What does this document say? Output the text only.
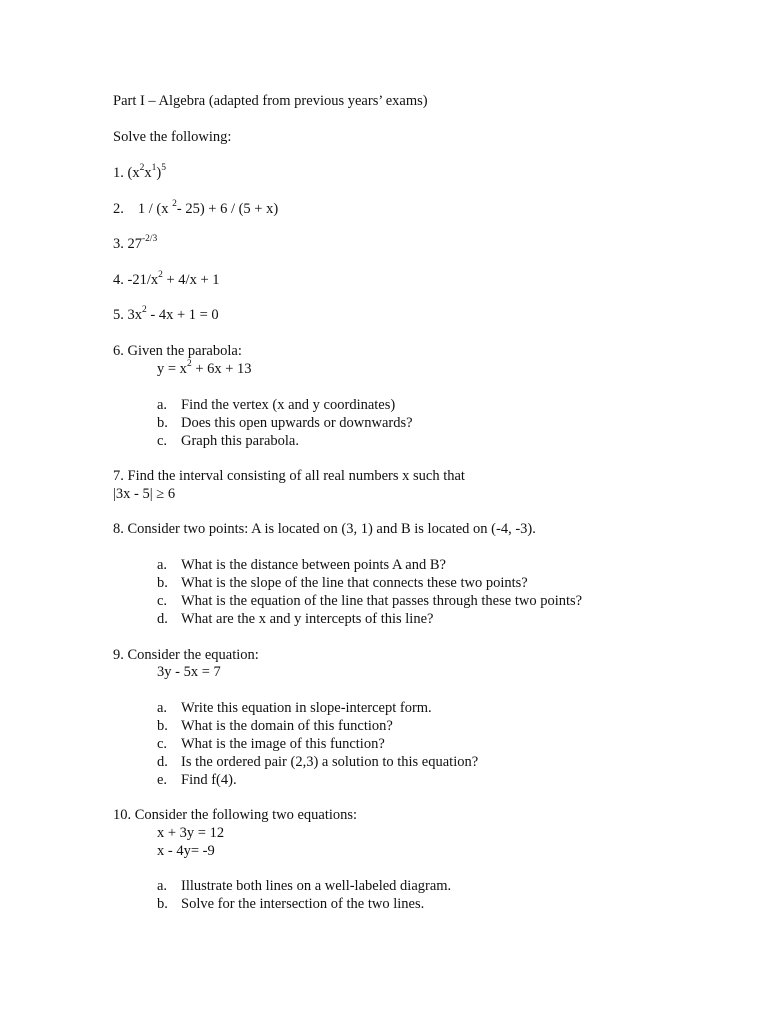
Part I – Algebra (adapted from previous years’ exams)
Solve the following:
1. $(x^2x^1)^5$
2. 1 / (x $^2$- 25) + 6 / (5 + x)
3. $27^{-2/3}$
4. $-21/x^2 + 4/x + 1$
5. $3x^2 - 4x + 1 = 0$
6. Given the parabola:
$y = x^2 + 6x + 13$
a. Find the vertex (x and y coordinates)
b. Does this open upwards or downwards?
c. Graph this parabola.
7. Find the interval consisting of all real numbers x such that
|3x - 5| ≥ 6
8. Consider two points: A is located on (3, 1) and B is located on (-4, -3).
a. What is the distance between points A and B?
b. What is the slope of the line that connects these two points?
c. What is the equation of the line that passes through these two points?
d. What are the x and y intercepts of this line?
9. Consider the equation:
3y - 5x = 7
a. Write this equation in slope-intercept form.
b. What is the domain of this function?
c. What is the image of this function?
d. Is the ordered pair (2,3) a solution to this equation?
e. Find f(4).
10. Consider the following two equations:
x + 3y = 12
x - 4y= -9
a. Illustrate both lines on a well-labeled diagram.
b. Solve for the intersection of the two lines.
